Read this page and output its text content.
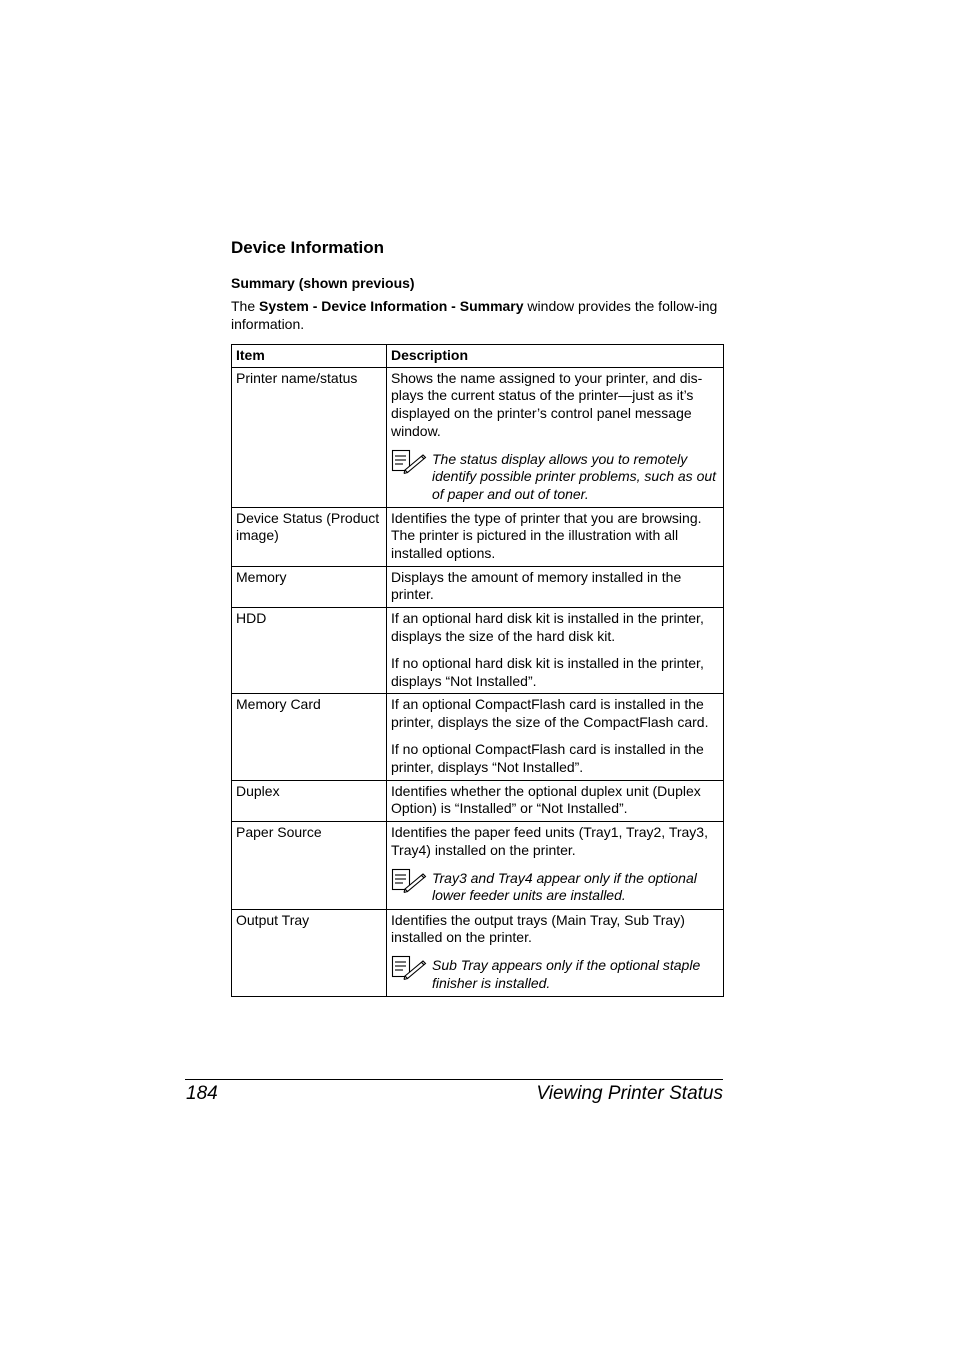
Device Information
Summary (shown previous)

The System - Device Information - Summary window provides the follow-ing information.

Item	Description
Printer name/status	Shows the name assigned to your printer, and dis-plays the current status of the printer—just as it’s displayed on the printer’s control panel message window.

The status display allows you to remotely identify possible printer problems, such as out of paper and out of toner.

Device Status (Product image)	Identifies the type of printer that you are browsing. The printer is pictured in the illustration with all installed options.

Memory	Displays the amount of memory installed in the printer.

HDD	If an optional hard disk kit is installed in the printer, displays the size of the hard disk kit.

If no optional hard disk kit is installed in the printer, displays “Not Installed”.

Memory Card	If an optional CompactFlash card is installed in the printer, displays the size of the CompactFlash card.

If no optional CompactFlash card is installed in the printer, displays “Not Installed”.

Duplex	Identifies whether the optional duplex unit (Duplex Option) is “Installed” or “Not Installed”.

Paper Source	Identifies the paper feed units (Tray1, Tray2, Tray3, Tray4) installed on the printer.

Tray3 and Tray4 appear only if the optional lower feeder units are installed.

Output Tray	Identifies the output trays (Main Tray, Sub Tray) installed on the printer.

Sub Tray appears only if the optional staple finisher is installed.
184	Viewing Printer Status
